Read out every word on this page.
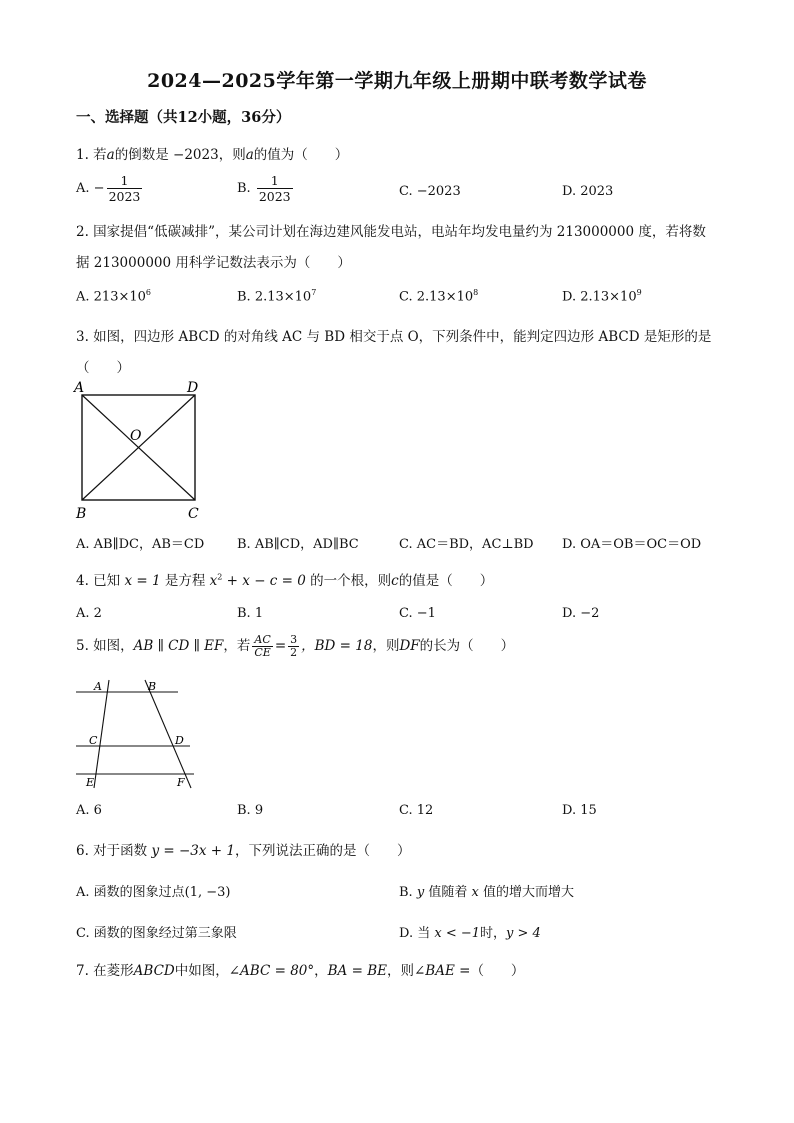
2024—2025学年第一学期九年级上册期中联考数学试卷
一、选择题（共12小题，36分）
1. 若a的倒数是 −2023，则a的值为（　　）
A. − $\frac{1}{2023}$	B. $\frac{1}{2023}$	C. −2023	D. 2023
2. 国家提倡“低碳减排”，某公司计划在海边建风能发电站，电站年均发电量约为 213000000 度，若将数
据 213000000 用科学记数法表示为（　　）
A. $213\times 10^6$	B. $2.13\times 10^7$	C. $2.13\times 10^8$	D. $2.13\times 10^9$
3. 如图，四边形 ABCD 的对角线 AC 与 BD 相交于点 O，下列条件中，能判定四边形 ABCD 是矩形的是
（　　）
A	D
B	C
O
A. AB∥DC，AB＝CD	B. AB∥CD，AD∥BC	C. AC＝BD，AC⊥BD D. OA＝OB＝OC＝OD
4. 已知 x = 1 是方程 $x^2 + x - c = 0$ 的一个根，则c的值是（　　）
A. 2	B. 1	C. −1	D. −2
5. 如图，AB ∥ CD ∥ EF，若 $\frac{AC}{CE} = \frac{3}{2}$ ，BD = 18，则DF的长为（　　）
A	B
C	D
E	F
A. 6	B. 9	C. 12	D. 15
6. 对于函数 y = −3x + 1，下列说法正确的是（　　）
A. 函数的图象过点(1, −3)	B. y 值随着 x 值的增大而增大
C. 函数的图象经过第三象限	D. 当 x < −1时，y > 4
7. 在菱形ABCD中如图，∠ABC = 80°，BA = BE，则∠BAE =（　　）
